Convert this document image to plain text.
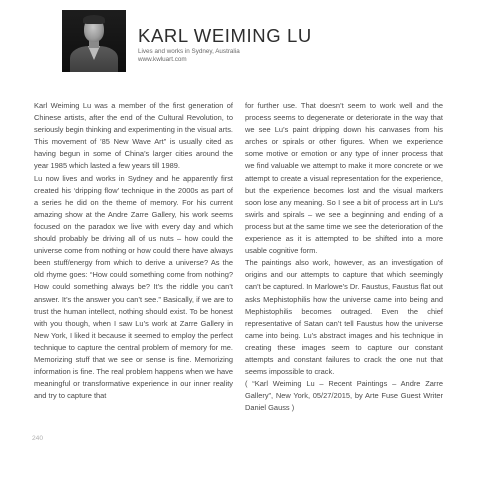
KARL WEIMING LU
Lives and works in Sydney, Australia
www.kwluart.com

Karl Weiming Lu was a member of the first generation of Chinese artists, after the end of the Cultural Revolution, to seriously begin thinking and experimenting in the visual arts. This movement of ’85 New Wave Art” is usually cited as having begun in some of China’s larger cities around the year 1985 which lasted a few years till 1989.

Lu now lives and works in Sydney and he apparently first created his ‘dripping flow’ technique in the 2000s as part of a series he did on the theme of memory. For his current amazing show at the Andre Zarre Gallery, his work seems focused on the paradox we live with every day and which should probably be driving all of us nuts – how could the universe come from nothing or how could there have always been stuff/energy from which to derive a universe? As the old rhyme goes: “How could something come from nothing? How could something always be? It’s the riddle you can’t answer. It’s the answer you can’t see.” Basically, if we are to trust the human intellect, nothing should exist. To be honest with you though, when I saw Lu’s work at Zarre Gallery in New York, I liked it because it seemed to employ the perfect technique to capture the central problem of memory for me. Memorizing stuff that we see or sense is fine. Memorizing information is fine. The real problem happens when we have meaningful or transformative experience in our inner reality and try to capture that

for further use. That doesn’t seem to work well and the process seems to degenerate or deteriorate in the way that we see Lu’s paint dripping down his canvases from his arches or spirals or other figures. When we experience some motive or emotion or any type of inner process that we find valuable we attempt to make it more concrete or we attempt to create a visual representation for the experience, but the experience becomes lost and the visual markers soon lose any meaning. So I see a bit of process art in Lu’s swirls and spirals – we see a beginning and ending of a process but at the same time we see the deterioration of the experience as it is attempted to be shifted into a more usable cognitive form.

The paintings also work, however, as an investigation of origins and our attempts to capture that which seemingly can’t be captured. In Marlowe’s Dr. Faustus, Faustus flat out asks Mephistophilis how the universe came into being and Mephistophilis becomes outraged. Even the chief representative of Satan can’t tell Faustus how the universe came into being. Lu’s abstract images and his technique in creating these images seem to capture our constant attempts and constant failures to crack the one nut that seems impossible to crack.

( “Karl Weiming Lu – Recent Paintings – Andre Zarre Gallery”, New York, 05/27/2015, by Arte Fuse Guest Writer Daniel Gauss )

240
